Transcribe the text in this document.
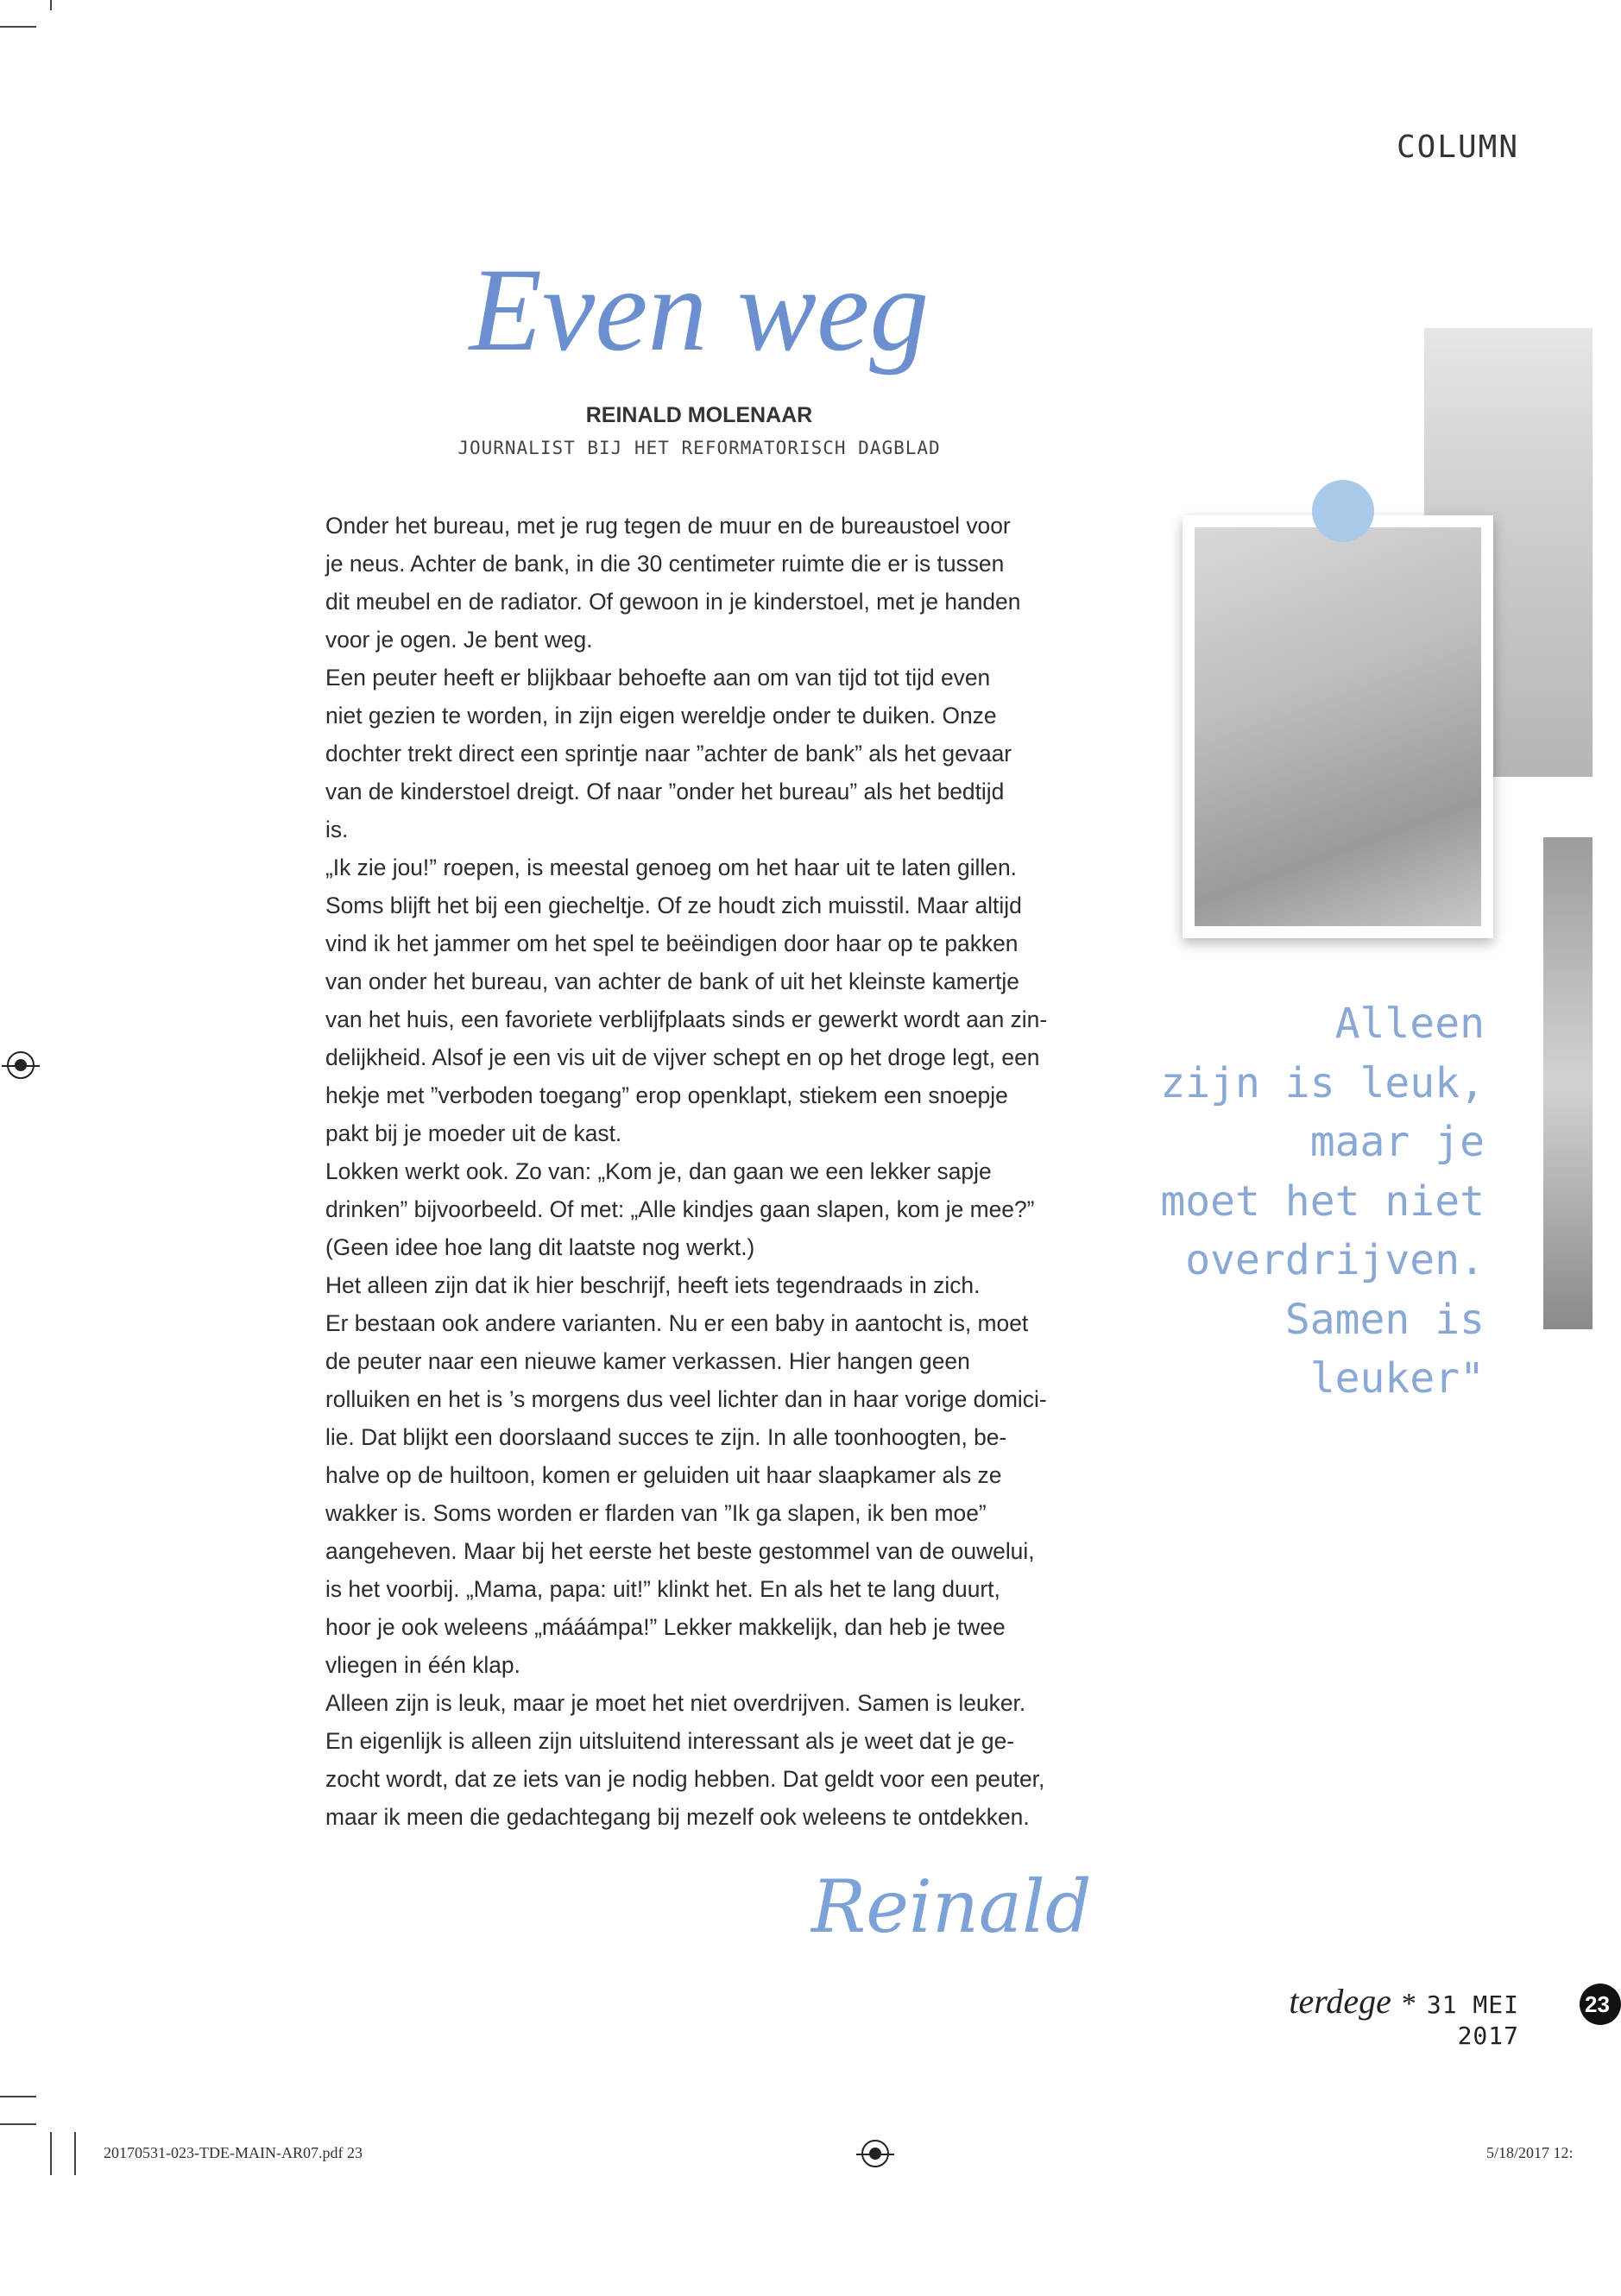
COLUMN
Even weg
REINALD MOLENAAR
JOURNALIST BIJ HET REFORMATORISCH DAGBLAD
Onder het bureau, met je rug tegen de muur en de bureaustoel voor
je neus. Achter de bank, in die 30 centimeter ruimte die er is tussen
dit meubel en de radiator. Of gewoon in je kinderstoel, met je handen
voor je ogen. Je bent weg.
Een peuter heeft er blijkbaar behoefte aan om van tijd tot tijd even
niet gezien te worden, in zijn eigen wereldje onder te duiken. Onze
dochter trekt direct een sprintje naar ”achter de bank” als het gevaar
van de kinderstoel dreigt. Of naar ”onder het bureau” als het bedtijd
is.
„Ik zie jou!” roepen, is meestal genoeg om het haar uit te laten gillen.
Soms blijft het bij een giecheltje. Of ze houdt zich muisstil. Maar altijd
vind ik het jammer om het spel te beëindigen door haar op te pakken
van onder het bureau, van achter de bank of uit het kleinste kamertje
van het huis, een favoriete verblijfplaats sinds er gewerkt wordt aan zin-
delijkheid. Alsof je een vis uit de vijver schept en op het droge legt, een
hekje met ”verboden toegang” erop openklapt, stiekem een snoepje
pakt bij je moeder uit de kast.
Lokken werkt ook. Zo van: „Kom je, dan gaan we een lekker sapje
drinken” bijvoorbeeld. Of met: „Alle kindjes gaan slapen, kom je mee?”
(Geen idee hoe lang dit laatste nog werkt.)
Het alleen zijn dat ik hier beschrijf, heeft iets tegendraads in zich.
Er bestaan ook andere varianten. Nu er een baby in aantocht is, moet
de peuter naar een nieuwe kamer verkassen. Hier hangen geen
rolluiken en het is ’s morgens dus veel lichter dan in haar vorige domici-
lie. Dat blijkt een doorslaand succes te zijn. In alle toonhoogten, be-
halve op de huiltoon, komen er geluiden uit haar slaapkamer als ze
wakker is. Soms worden er flarden van ”Ik ga slapen, ik ben moe”
aangeheven. Maar bij het eerste het beste gestommel van de ouwelui,
is het voorbij. „Mama, papa: uit!” klinkt het. En als het te lang duurt,
hoor je ook weleens „mááámpa!” Lekker makkelijk, dan heb je twee
vliegen in één klap.
Alleen zijn is leuk, maar je moet het niet overdrijven. Samen is leuker.
En eigenlijk is alleen zijn uitsluitend interessant als je weet dat je ge-
zocht wordt, dat ze iets van je nodig hebben. Dat geldt voor een peuter,
maar ik meen die gedachtegang bij mezelf ook weleens te ontdekken.
Reinald
Alleen
zijn is leuk,
maar je
moet het niet
overdrijven.
Samen is
leuker"
terdege * 31 MEI 2017
23
20170531-023-TDE-MAIN-AR07.pdf 23	5/18/2017 12:
